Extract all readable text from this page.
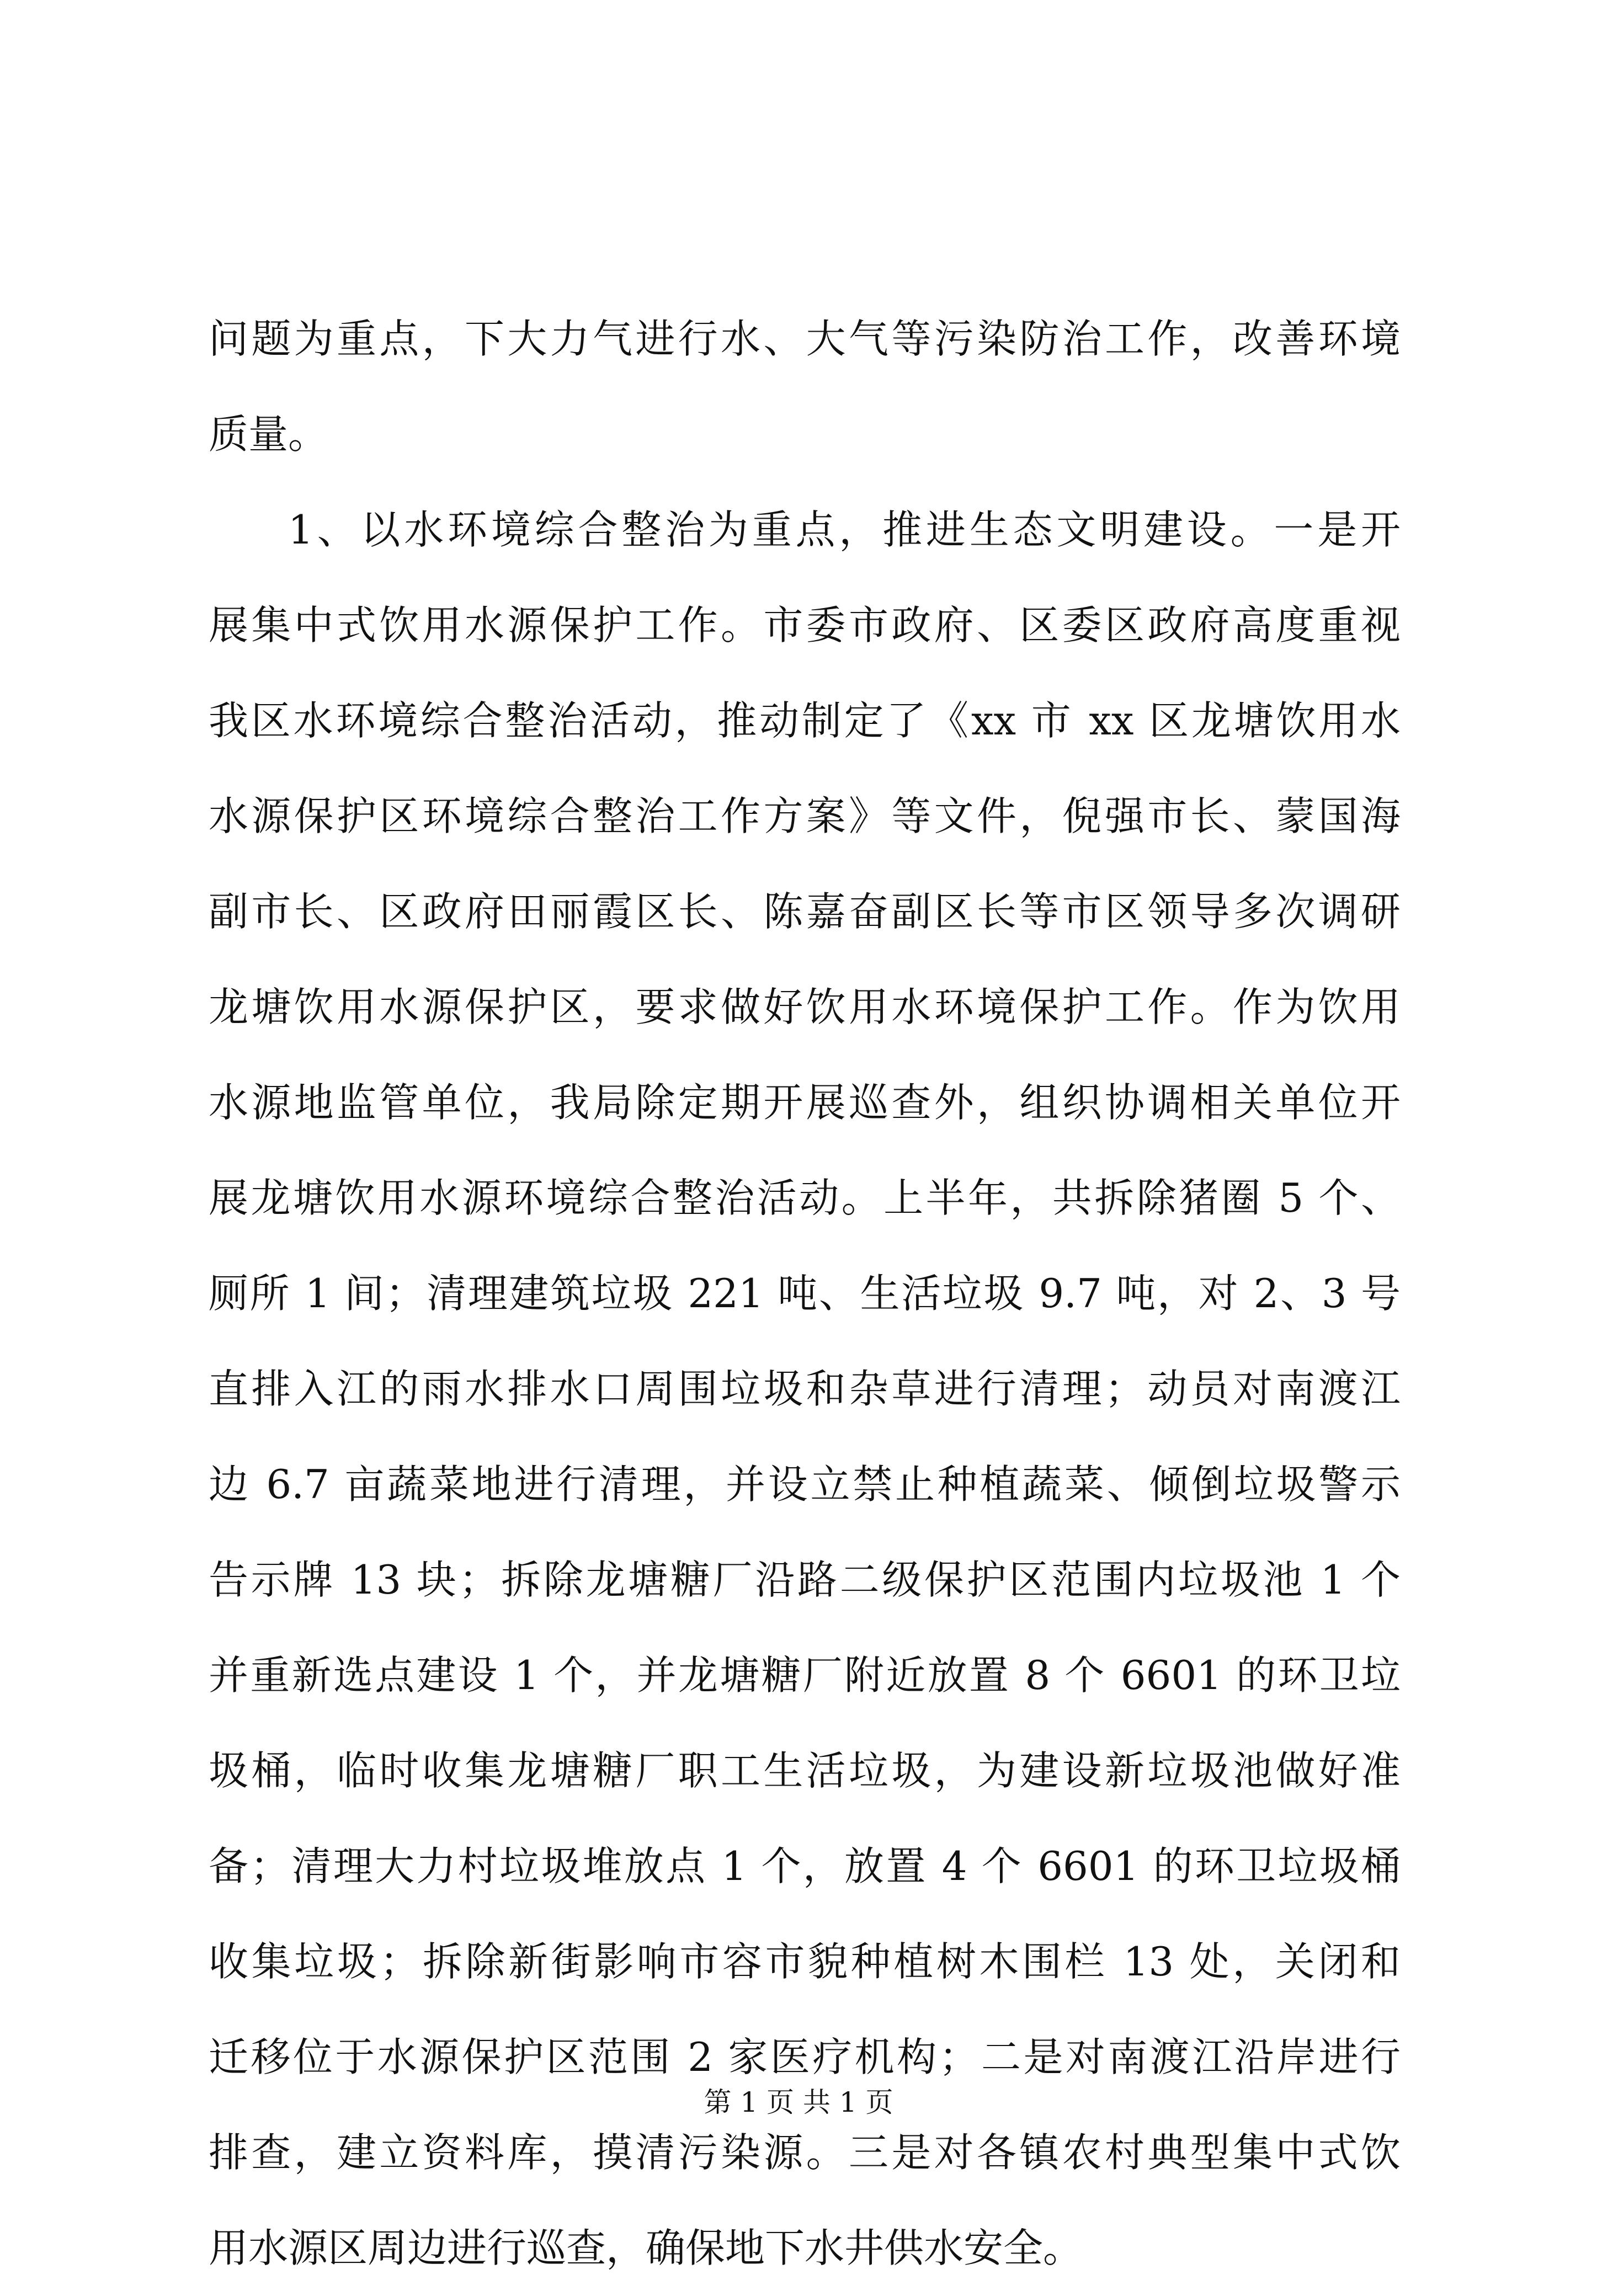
问题为重点，下大力气进行水、大气等污染防治工作，改善环境
质量。
1、以水环境综合整治为重点，推进生态文明建设。一是开
展集中式饮用水源保护工作。市委市政府、区委区政府高度重视
我区水环境综合整治活动，推动制定了《xx 市 xx 区龙塘饮用水
水源保护区环境综合整治工作方案》等文件，倪强市长、蒙国海
副市长、区政府田丽霞区长、陈嘉奋副区长等市区领导多次调研
龙塘饮用水源保护区，要求做好饮用水环境保护工作。作为饮用
水源地监管单位，我局除定期开展巡查外，组织协调相关单位开
展龙塘饮用水源环境综合整治活动。上半年，共拆除猪圈 5 个、
厕所 1 间；清理建筑垃圾 221 吨、生活垃圾 9.7 吨，对 2、3 号
直排入江的雨水排水口周围垃圾和杂草进行清理；动员对南渡江
边 6.7 亩蔬菜地进行清理，并设立禁止种植蔬菜、倾倒垃圾警示
告示牌 13 块；拆除龙塘糖厂沿路二级保护区范围内垃圾池 1 个
并重新选点建设 1 个，并龙塘糖厂附近放置 8 个 6601 的环卫垃
圾桶，临时收集龙塘糖厂职工生活垃圾，为建设新垃圾池做好准
备；清理大力村垃圾堆放点 1 个，放置 4 个 6601 的环卫垃圾桶
收集垃圾；拆除新街影响市容市貌种植树木围栏 13 处，关闭和
迁移位于水源保护区范围 2 家医疗机构；二是对南渡江沿岸进行
排查，建立资料库，摸清污染源。三是对各镇农村典型集中式饮
用水源区周边进行巡查，确保地下水井供水安全。
第 1 页 共 1 页
